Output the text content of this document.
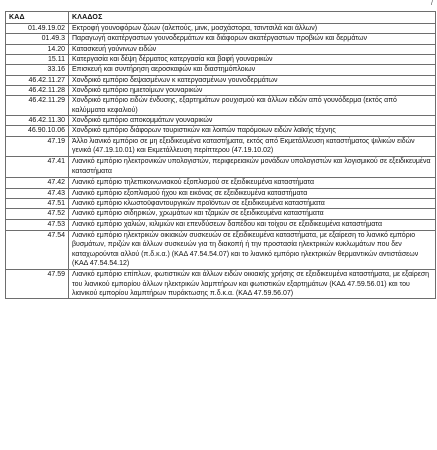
/
ΚΑΔ	ΚΛΑΔΟΣ
01.49.19.02	Εκτροφή γουνοφόρων ζώων (αλεπούς, μινκ, μοσχάστορα, τσιντσιλά και άλλων)
01.49.3	Παραγωγή ακατέργαστων γουνοδερμάτων και διάφορων ακατέργαστων προβιών και δερμάτων
14.20	Κατασκευή γούνινων ειδών
15.11	Κατεργασία και δέψη δέρματος κατεργασία και βαφή γουναρικών
33.16	Επισκευή και συντήρηση αεροσκαφών και διαστημόπλοιων
46.42.11.27	Χονδρικό εμπόριο δεψασμένων κ κατεργασμένων γουνοδερμάτων
46.42.11.28	Χονδρικό εμπόριο ημιετοίμων γουναρικών
46.42.11.29	Χονδρικό εμπόριο ειδών ένδυσης, εξαρτημάτων ρουχισμού και άλλων ειδών από γουνόδερμα (εκτός από καλύμματα κεφαλιού)
46.42.11.30	Χονδρικό εμπόριο αποκομμάτων γουναρικών
46.90.10.06	Χονδρικό εμπόριο διάφορων τουριστικών και λοιπών παρόμοιων ειδών λαϊκής τέχνης
47.19	Άλλο λιανικό εμπόριο σε μη εξειδικευμένα καταστήματα, εκτός από Εκμετάλλευση καταστήματος ψιλικών ειδών γενικά (47.19.10.01) και Εκμετάλλευση περίπτερου (47.19.10.02)
47.41	Λιανικό εμπόριο ηλεκτρονικών υπολογιστών, περιφερειακών μονάδων υπολογιστών και λογισμικού σε εξειδικευμένα καταστήματα
47.42	Λιανικό εμπόριο τηλεπικοινωνιακού εξοπλισμού σε εξειδικευμένα καταστήματα
47.43	Λιανικό εμπόριο εξοπλισμού ήχου και εικόνας σε εξειδικευμένα καταστήματα
47.51	Λιανικό εμπόριο κλωστοϋφαντουργικών προϊόντων σε εξειδικευμένα καταστήματα
47.52	Λιανικό εμπόριο σιδηρικών, χρωμάτων και τζαμιών σε εξειδικευμένα καταστήματα
47.53	Λιανικό εμπόριο χαλιών, κιλιμιών και επενδύσεων δαπέδου και τοίχου σε εξειδικευμένα καταστήματα
47.54	Λιανικό εμπόριο ηλεκτρικών οικιακών συσκευών σε εξειδικευμένα καταστήματα, με εξαίρεση το λιανικό εμπόριο βυσμάτων, πριζών και άλλων συσκευών για τη διακοπή ή την προστασία ηλεκτρικών κυκλωμάτων που δεν καταχωρούνται αλλού (π.δ.κ.α.) (ΚΑΔ 47.54.54.07) και το λιανικό εμπόριο ηλεκτρικών θερμαντικών αντιστάσεων (ΚΑΔ 47.54.54.12)
47.59	Λιανικό εμπόριο επίπλων, φωτιστικών και άλλων ειδών οικιακής χρήσης σε εξειδικευμένα καταστήματα, με εξαίρεση του λιανικού εμπορίου άλλων ηλεκτρικών λαμπτήρων και φωτιστικών εξαρτημάτων (ΚΑΔ 47.59.56.01) και του λιανικού εμπορίου λαμπτήρων πυράκτωσης π.δ.κ.α. (ΚΑΔ 47.59.56.07)
